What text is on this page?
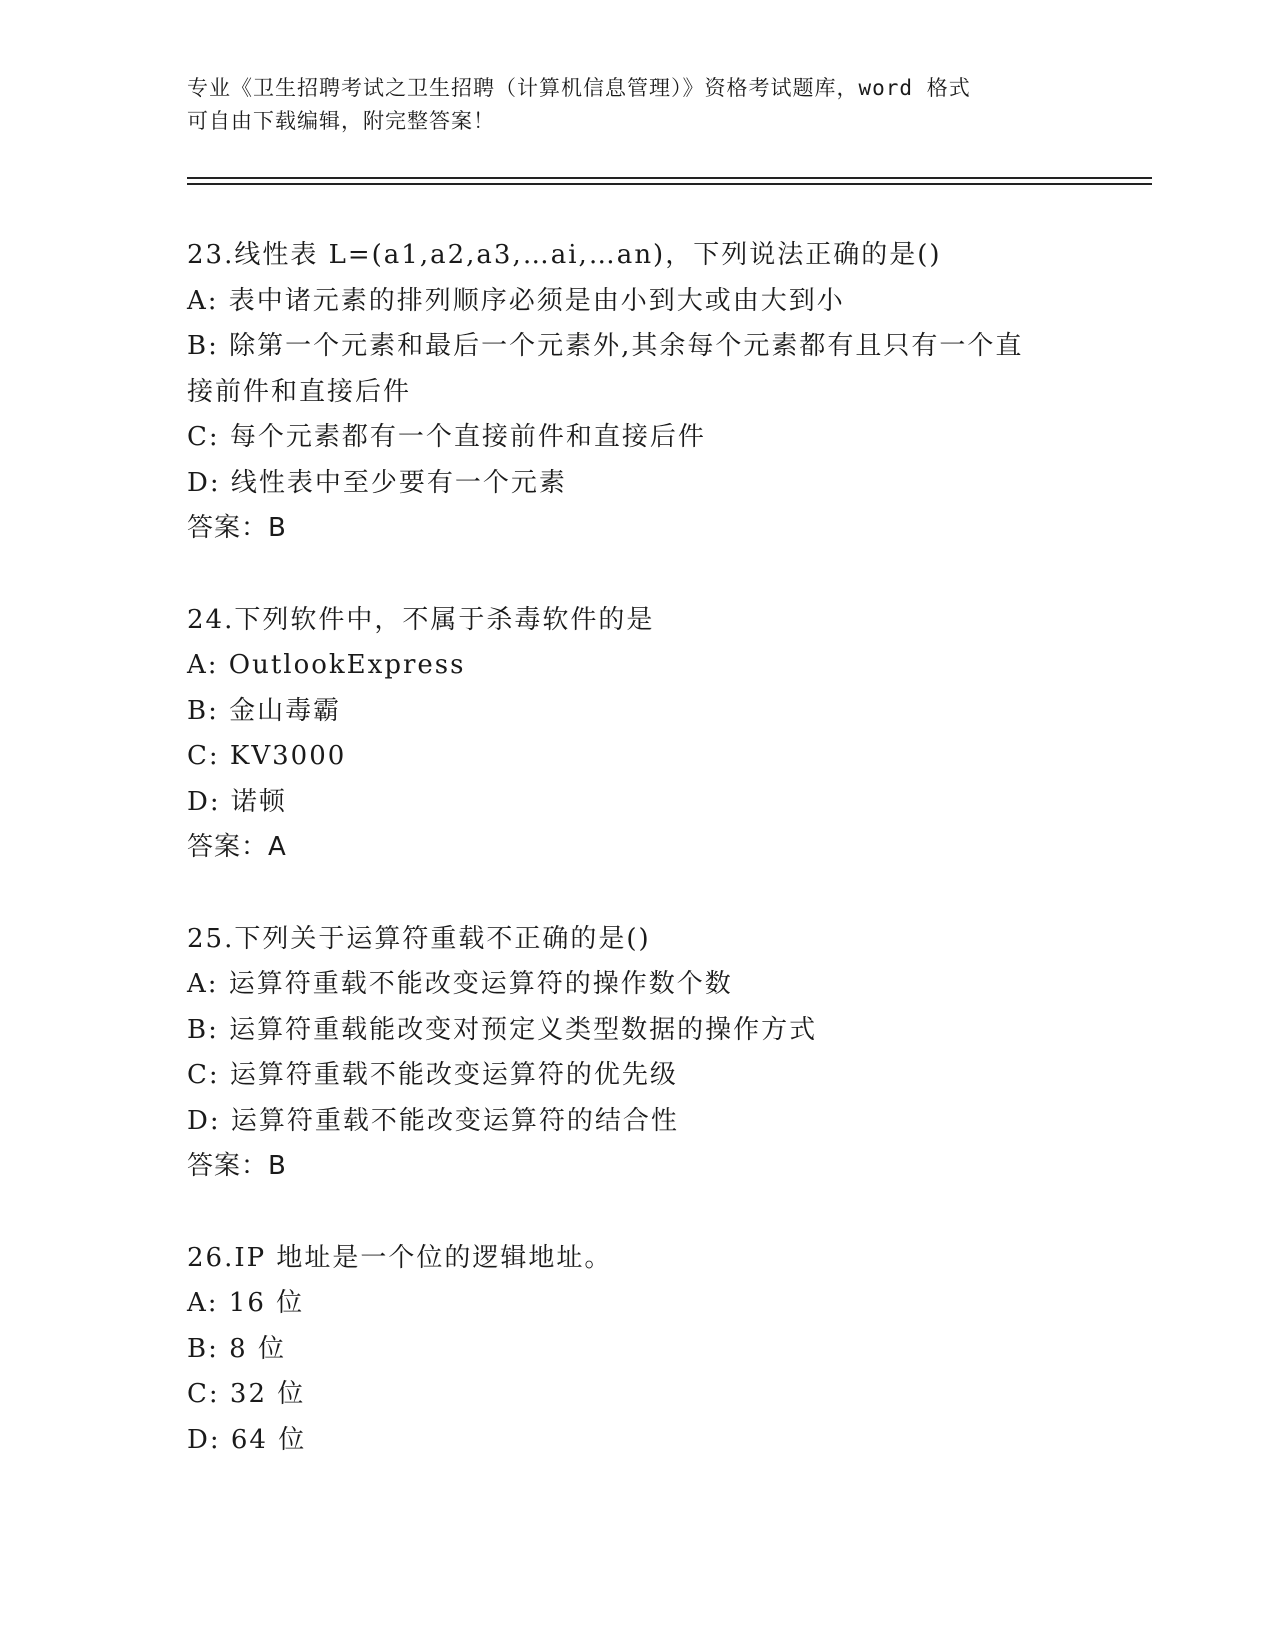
专业《卫生招聘考试之卫生招聘（计算机信息管理）》资格考试题库，word 格式
可自由下载编辑，附完整答案！
23.线性表 L=(a1,a2,a3,…ai,…an)，下列说法正确的是()
A: 表中诸元素的排列顺序必须是由小到大或由大到小
B: 除第一个元素和最后一个元素外,其余每个元素都有且只有一个直
接前件和直接后件
C: 每个元素都有一个直接前件和直接后件
D: 线性表中至少要有一个元素
答案：B
24.下列软件中，不属于杀毒软件的是
A: OutlookExpress
B: 金山毒霸
C: KV3000
D: 诺顿
答案：A
25.下列关于运算符重载不正确的是()
A: 运算符重载不能改变运算符的操作数个数
B: 运算符重载能改变对预定义类型数据的操作方式
C: 运算符重载不能改变运算符的优先级
D: 运算符重载不能改变运算符的结合性
答案：B
26.IP 地址是一个位的逻辑地址。
A: 16 位
B: 8 位
C: 32 位
D: 64 位
